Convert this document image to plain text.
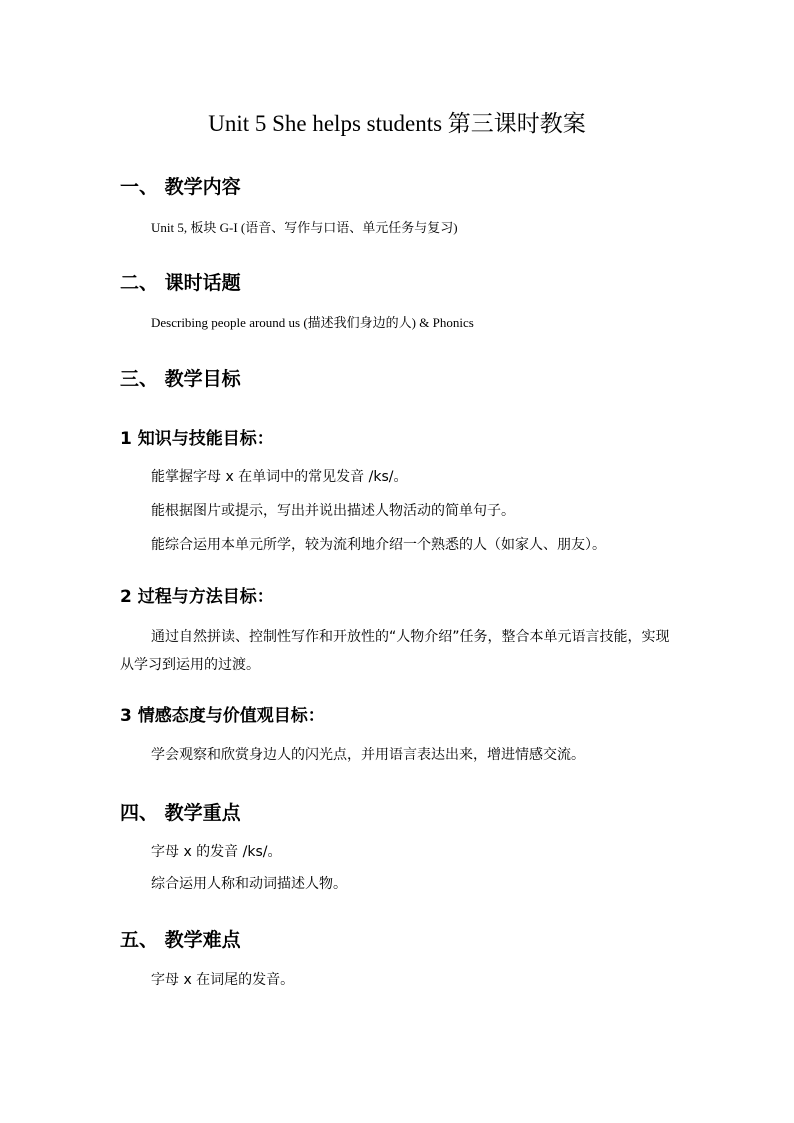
Unit 5 She helps students 第三课时教案
一、 教学内容
Unit 5, 板块 G-I (语音、写作与口语、单元任务与复习)
二、 课时话题
Describing people around us (描述我们身边的人) & Phonics
三、 教学目标
1 知识与技能目标：
能掌握字母 x 在单词中的常见发音 /ks/。
能根据图片或提示，写出并说出描述人物活动的简单句子。
能综合运用本单元所学，较为流利地介绍一个熟悉的人（如家人、朋友）。
2 过程与方法目标：
通过自然拼读、控制性写作和开放性的“人物介绍”任务，整合本单元语言技能，实现从学习到运用的过渡。
3 情感态度与价值观目标：
学会观察和欣赏身边人的闪光点，并用语言表达出来，增进情感交流。
四、 教学重点
字母 x 的发音 /ks/。
综合运用人称和动词描述人物。
五、 教学难点
字母 x 在词尾的发音。
